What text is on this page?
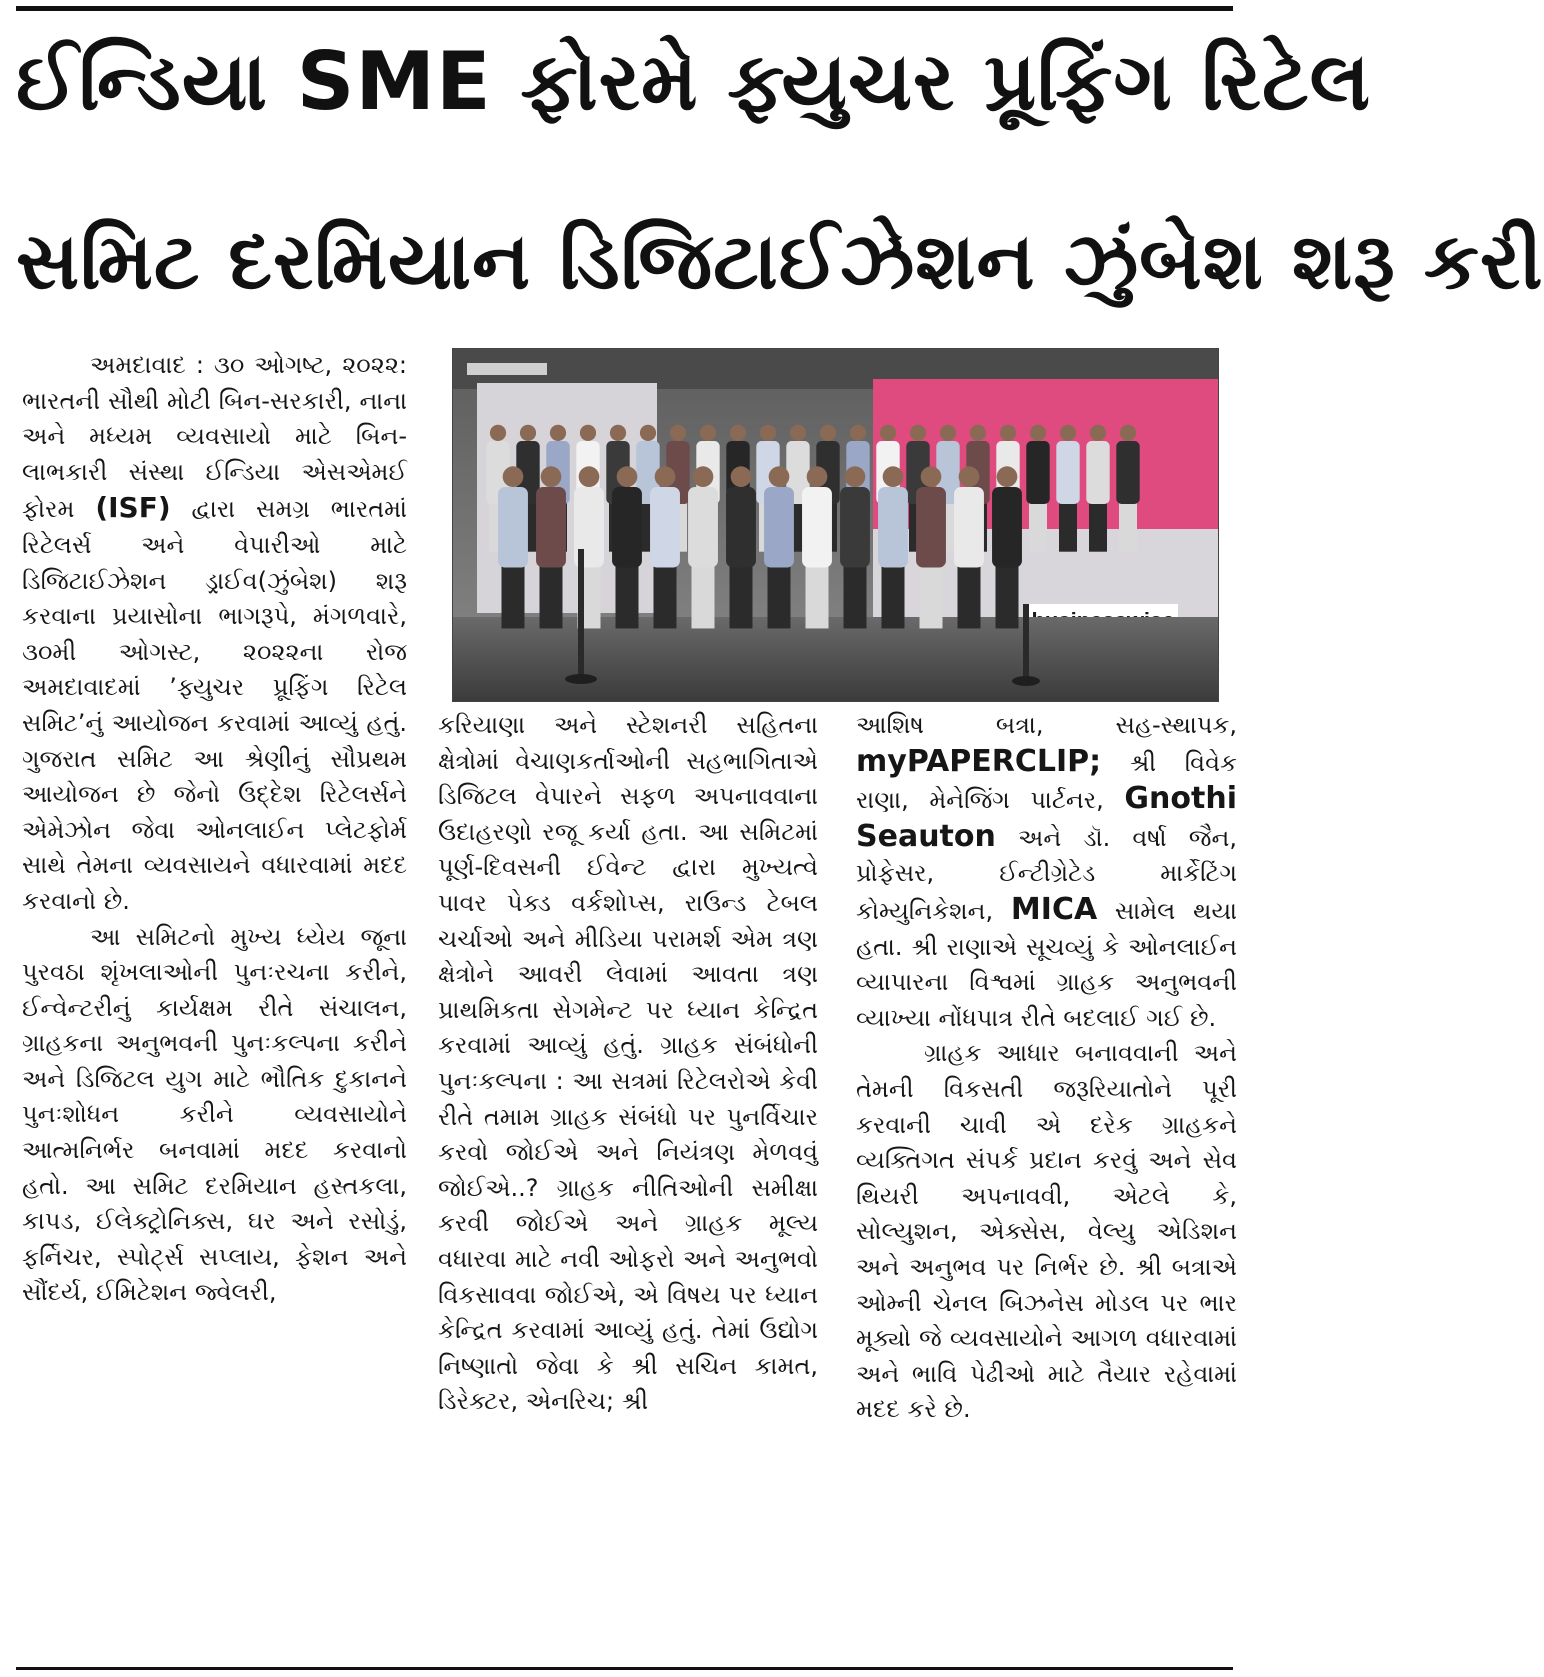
ઈન્ડિયા SME ફોરમે ફ્યુચર પ્રૂફિંગ રિટેલ
સમિટ દરમિયાન ડિજિટાઈઝેશન ઝુંબેશ શરૂ કરી

અમદાવાદ : ૩૦ ઓગષ્ટ, ૨૦૨૨: ભારતની સૌથી મોટી બિન-સરકારી, નાના અને મધ્યમ વ્યવસાયો માટે બિન-લાભકારી સંસ્થા ઈન્ડિયા એસએમઈ ફોરમ (ISF) દ્વારા સમગ્ર ભારતમાં રિટેલર્સ અને વેપારીઓ માટે ડિજિટાઈઝેશન ડ્રાઈવ(ઝુંબેશ) શરૂ કરવાના પ્રયાસોના ભાગરૂપે, મંગળવારે, ૩૦મી ઓગસ્ટ, ૨૦૨૨ના રોજ અમદાવાદમાં ’ફ્યુચર પ્રૂફિંગ રિટેલ સમિટ’નું આયોજન કરવામાં આવ્યું હતું. ગુજરાત સમિટ આ શ્રેણીનું સૌપ્રથમ આયોજન છે જેનો ઉદ્દેશ રિટેલર્સને એમેઝોન જેવા ઓનલાઈન પ્લેટફોર્મ સાથે તેમના વ્યવસાયને વધારવામાં મદદ કરવાનો છે.

આ સમિટનો મુખ્ય ધ્યેય જૂના પુરવઠા શૃંખલાઓની પુનઃરચના કરીને, ઈન્વેન્ટરીનું કાર્યક્ષમ રીતે સંચાલન, ગ્રાહકના અનુભવની પુનઃકલ્પના કરીને અને ડિજિટલ યુગ માટે ભૌતિક દુકાનને પુનઃશોધન કરીને વ્યવસાયોને આત્મનિર્ભર બનવામાં મદદ કરવાનો હતો. આ સમિટ દરમિયાન હસ્તકલા, કાપડ, ઈલેક્ટ્રોનિક્સ, ઘર અને રસોડું, ફર્નિચર, સ્પોર્ટ્સ સપ્લાય, ફેશન અને સૌંદર્ય, ઈમિટેશન જ્વેલરી,

કરિયાણા અને સ્ટેશનરી સહિતના ક્ષેત્રોમાં વેચાણકર્તાઓની સહભાગિતાએ ડિજિટલ વેપારને સફળ અપનાવવાના ઉદાહરણો રજૂ કર્યા હતા. આ સમિટમાં પૂર્ણ-દિવસની ઈવેન્ટ દ્વારા મુખ્યત્વે પાવર પેક્ડ વર્કશોપ્સ, રાઉન્ડ ટેબલ ચર્ચાઓ અને મીડિયા પરામર્શ એમ ત્રણ ક્ષેત્રોને આવરી લેવામાં આવતા ત્રણ પ્રાથમિકતા સેગમેન્ટ પર ધ્યાન કેન્દ્રિત કરવામાં આવ્યું હતું. ગ્રાહક સંબંધોની પુનઃકલ્પના : આ સત્રમાં રિટેલરોએ કેવી રીતે તમામ ગ્રાહક સંબંધો પર પુનર્વિચાર કરવો જોઈએ અને નિયંત્રણ મેળવવું જોઈએ..? ગ્રાહક નીતિઓની સમીક્ષા કરવી જોઈએ અને ગ્રાહક મૂલ્ય વધારવા માટે નવી ઓફરો અને અનુભવો વિકસાવવા જોઈએ, એ વિષય પર ધ્યાન કેન્દ્રિત કરવામાં આવ્યું હતું. તેમાં ઉદ્યોગ નિષ્ણાતો જેવા કે શ્રી સચિન કામત, ડિરેક્ટર, એનરિચ; શ્રી

આશિષ બત્રા, સહ-સ્થાપક, myPAPERCLIP; શ્રી વિવેક રાણા, મેનેજિંગ પાર્ટનર, Gnothi Seauton અને ડૉ. વર્ષા જૈન, પ્રોફેસર, ઈન્ટીગ્રેટેડ માર્કેટિંગ કોમ્યુનિકેશન, MICA સામેલ થયા હતા. શ્રી રાણાએ સૂચવ્યું કે ઓનલાઈન વ્યાપારના વિશ્વમાં ગ્રાહક અનુભવની વ્યાખ્યા નોંધપાત્ર રીતે બદલાઈ ગઈ છે.

ગ્રાહક આધાર બનાવવાની અને તેમની વિકસતી જરૂરિયાતોને પૂરી કરવાની ચાવી એ દરેક ગ્રાહકને વ્યક્તિગત સંપર્ક પ્રદાન કરવું અને સેવ થિયરી અપનાવવી, એટલે કે, સોલ્યુશન, એક્સેસ, વેલ્યુ એડિશન અને અનુભવ પર નિર્ભર છે. શ્રી બત્રાએ ઓમ્ની ચેનલ બિઝનેસ મોડલ પર ભાર મૂક્યો જે વ્યવસાયોને આગળ વધારવામાં અને ભાવિ પેઢીઓ માટે તૈયાર રહેવામાં મદદ કરે છે.
